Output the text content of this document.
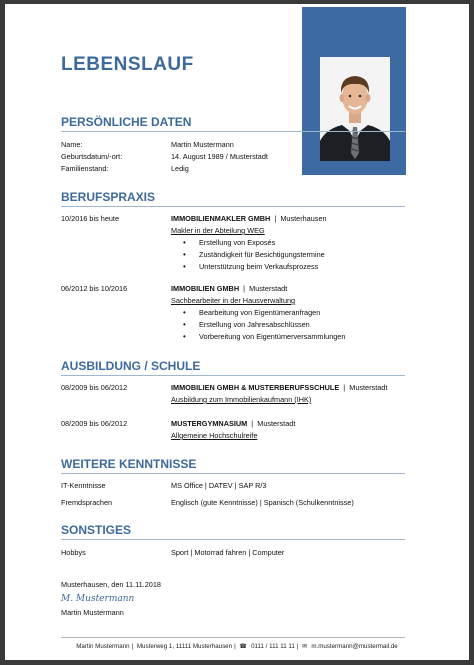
LEBENSLAUF
PERSÖNLICHE DATEN
Name:	Martin Mustermann
Geburtsdatum/-ort:	14. August 1989 / Musterstadt
Familienstand:	Ledig
BERUFSPRAXIS
10/2016 bis heute	IMMOBILIENMAKLER GMBH  |  Musterhausen
Makler in der Abteilung WEG
• Erstellung von Exposés
• Zuständigkeit für Besichtigungstermine
• Unterstützung beim Verkaufsprozess
06/2012 bis 10/2016	IMMOBILIEN GMBH  |  Musterstadt
Sachbearbeiter in der Hausverwaltung
• Bearbeitung von Eigentümeranfragen
• Erstellung von Jahresabschlüssen
• Vorbereitung von Eigentümerversammlungen
AUSBILDUNG / SCHULE
08/2009 bis 06/2012	IMMOBILIEN GMBH & MUSTERBERUFSSCHULE  |  Musterstadt
Ausbildung zum Immobilienkaufmann (IHK)
08/2009 bis 06/2012	MUSTERGYMNASIUM  |  Musterstadt
Allgemeine Hochschulreife
WEITERE KENNTNISSE
IT-Kenntnisse	MS Office | DATEV | SAP R/3
Fremdsprachen	Englisch (gute Kenntnisse) | Spanisch (Schulkenntnisse)
SONSTIGES
Hobbys	Sport | Motorrad fahren | Computer
Musterhausen, den 11.11.2018
M. Mustermann
Martin Mustermann
Martin Mustermann | Musterweg 1, 11111 Musterhausen | ☎ 0111 / 111 11 11 | ✉ m.mustermann@mustermail.de
